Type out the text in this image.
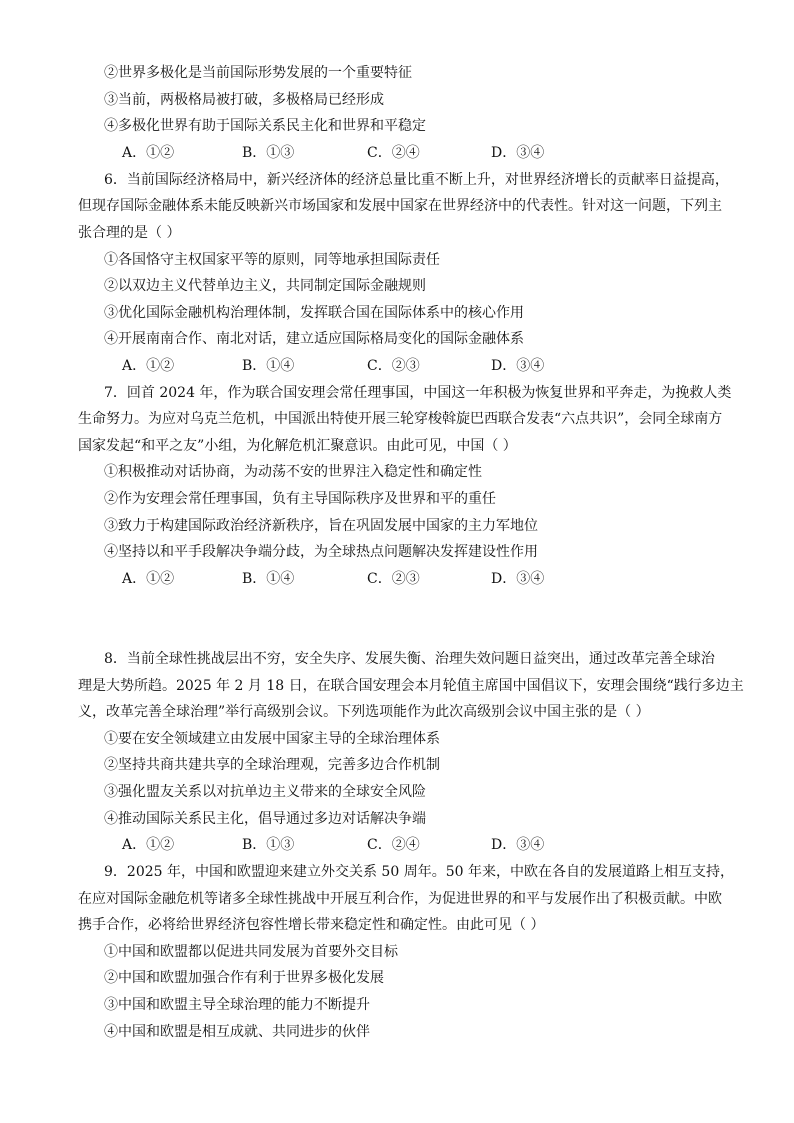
②世界多极化是当前国际形势发展的一个重要特征
③当前，两极格局被打破，多极格局已经形成
④多极化世界有助于国际关系民主化和世界和平稳定
A．①②	B．①③	C．②④	D．③④
6．当前国际经济格局中，新兴经济体的经济总量比重不断上升，对世界经济增长的贡献率日益提高，
但现存国际金融体系未能反映新兴市场国家和发展中国家在世界经济中的代表性。针对这一问题，下列主
张合理的是（ ）
①各国恪守主权国家平等的原则，同等地承担国际责任
②以双边主义代替单边主义，共同制定国际金融规则
③优化国际金融机构治理体制，发挥联合国在国际体系中的核心作用
④开展南南合作、南北对话，建立适应国际格局变化的国际金融体系
A．①②	B．①④	C．②③	D．③④
7．回首 2024 年，作为联合国安理会常任理事国，中国这一年积极为恢复世界和平奔走，为挽救人类
生命努力。为应对乌克兰危机，中国派出特使开展三轮穿梭斡旋巴西联合发表“六点共识”，会同全球南方
国家发起“和平之友”小组，为化解危机汇聚意识。由此可见，中国（ ）
①积极推动对话协商，为动荡不安的世界注入稳定性和确定性
②作为安理会常任理事国，负有主导国际秩序及世界和平的重任
③致力于构建国际政治经济新秩序，旨在巩固发展中国家的主力军地位
④坚持以和平手段解决争端分歧，为全球热点问题解决发挥建设性作用
A．①②	B．①④	C．②③	D．③④
8．当前全球性挑战层出不穷，安全失序、发展失衡、治理失效问题日益突出，通过改革完善全球治
理是大势所趋。2025 年 2 月 18 日，在联合国安理会本月轮值主席国中国倡议下，安理会围绕“践行多边主
义，改革完善全球治理”举行高级别会议。下列选项能作为此次高级别会议中国主张的是（ ）
①要在安全领域建立由发展中国家主导的全球治理体系
②坚持共商共建共享的全球治理观，完善多边合作机制
③强化盟友关系以对抗单边主义带来的全球安全风险
④推动国际关系民主化，倡导通过多边对话解决争端
A．①②	B．①③	C．②④	D．③④
9．2025 年，中国和欧盟迎来建立外交关系 50 周年。50 年来，中欧在各自的发展道路上相互支持，
在应对国际金融危机等诸多全球性挑战中开展互利合作，为促进世界的和平与发展作出了积极贡献。中欧
携手合作，必将给世界经济包容性增长带来稳定性和确定性。由此可见（ ）
①中国和欧盟都以促进共同发展为首要外交目标
②中国和欧盟加强合作有利于世界多极化发展
③中国和欧盟主导全球治理的能力不断提升
④中国和欧盟是相互成就、共同进步的伙伴
